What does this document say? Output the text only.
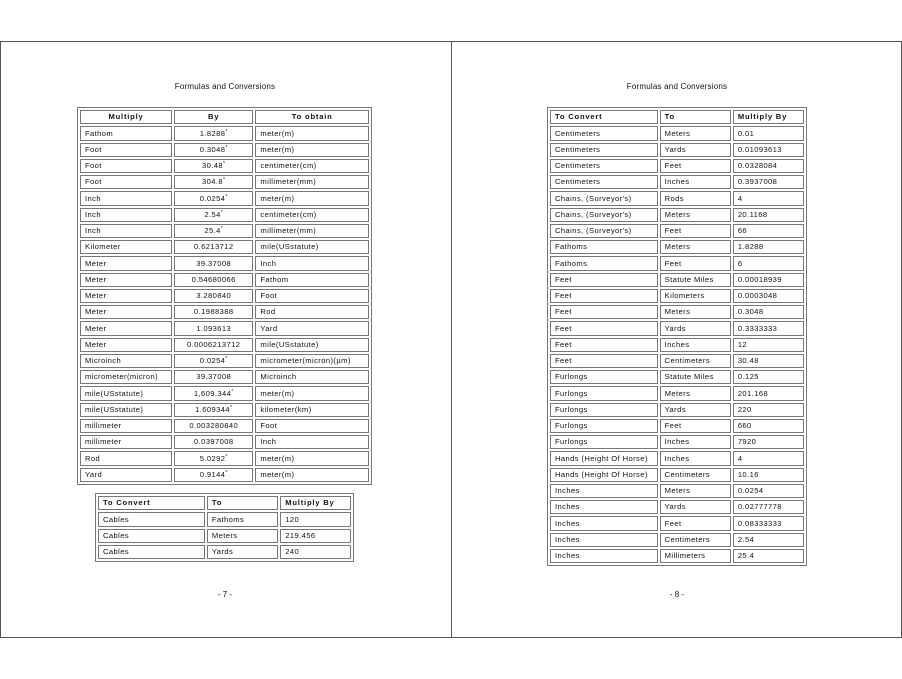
Formulas and Conversions
Multiply	By	To obtain
Fathom	1.8288*	meter(m)
Foot	0.3048*	meter(m)
Foot	30.48*	centimeter(cm)
Foot	304.8*	millimeter(mm)
Inch	0.0254*	meter(m)
Inch	2.54*	centimeter(cm)
Inch	25.4*	millimeter(mm)
Kilometer	0.6213712	mile(USstatute)
Meter	39.37008	Inch
Meter	0.54680066	Fathom
Meter	3.280840	Foot
Meter	0.1988388	Rod
Meter	1.093613	Yard
Meter	0.0006213712	mile(USstatute)
Microinch	0.0254*	micrometer(micron)(µm)
micrometer(micron)	39.37008	Microinch
mile(USstatute)	1,609.344*	meter(m)
mile(USstatute)	1.609344*	kilometer(km)
millimeter	0.003280840	Foot
millimeter	0.0397008	Inch
Rod	5.0292*	meter(m)
Yard	0.9144*	meter(m)
To Convert	To	Multiply By
Cables	Fathoms	120
Cables	Meters	219.456
Cables	Yards	240
- 7 -
Formulas and Conversions
To Convert	To	Multiply By
Centimeters	Meters	0.01
Centimeters	Yards	0.01093613
Centimeters	Feet	0.0328084
Centimeters	Inches	0.3937008
Chains, (Surveyor's)	Rods	4
Chains, (Surveyor's)	Meters	20.1168
Chains, (Surveyor's)	Feet	66
Fathoms	Meters	1.8288
Fathoms	Feet	6
Feet	Statute Miles	0.00018939
Feet	Kilometers	0.0003048
Feet	Meters	0.3048
Feet	Yards	0.3333333
Feet	Inches	12
Feet	Centimeters	30.48
Furlongs	Statute Miles	0.125
Furlongs	Meters	201.168
Furlongs	Yards	220
Furlongs	Feet	660
Furlongs	Inches	7920
Hands (Height Of Horse)	Inches	4
Hands (Height Of Horse)	Centimeters	10.16
Inches	Meters	0.0254
Inches	Yards	0.02777778
Inches	Feet	0.08333333
Inches	Centimeters	2.54
Inches	Millimeters	25.4
- 8 -
